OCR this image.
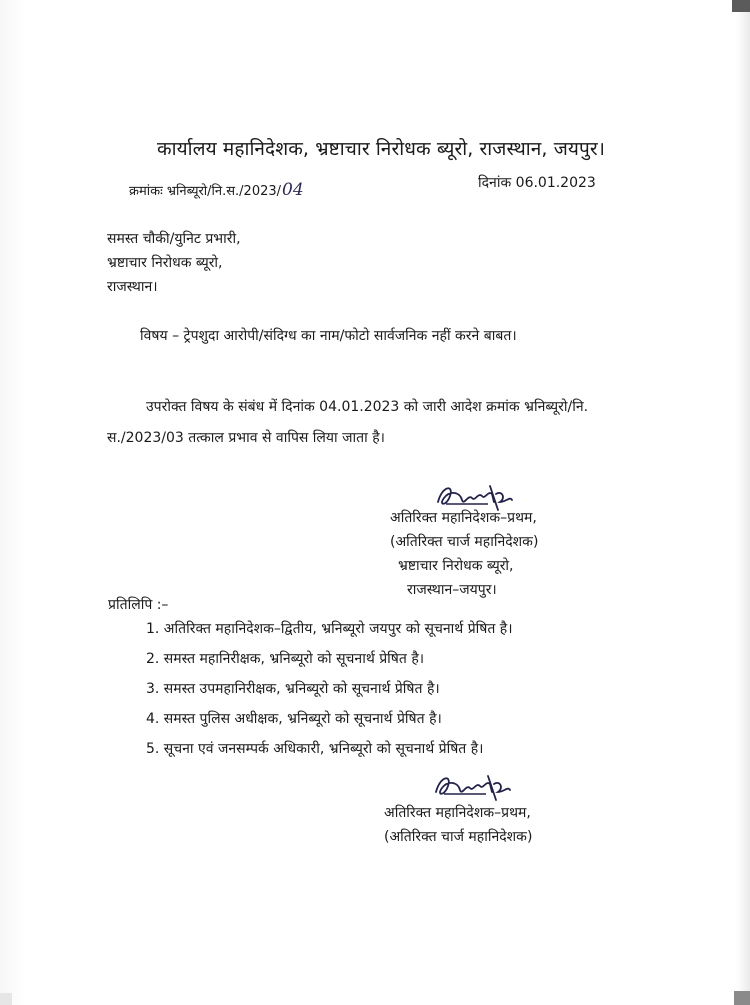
कार्यालय महानिदेशक, भ्रष्टाचार निरोधक ब्यूरो, राजस्थान, जयपुर।
क्रमांकः भ्रनिब्यूरो/नि.स./2023/04	दिनांक 06.01.2023
समस्त चौकी/युनिट प्रभारी,
भ्रष्टाचार निरोधक ब्यूरो,
राजस्थान।
विषय – ट्रेपशुदा आरोपी/संदिग्ध का नाम/फोटो सार्वजनिक नहीं करने बाबत।
उपरोक्त विषय के संबंध में दिनांक 04.01.2023 को जारी आदेश क्रमांक भ्रनिब्यूरो/नि.
स./2023/03 तत्काल प्रभाव से वापिस लिया जाता है।
अतिरिक्त महानिदेशक–प्रथम,
(अतिरिक्त चार्ज महानिदेशक)
भ्रष्टाचार निरोधक ब्यूरो,
राजस्थान–जयपुर।
प्रतिलिपि :–
1. अतिरिक्त महानिदेशक–द्वितीय, भ्रनिब्यूरो जयपुर को सूचनार्थ प्रेषित है।
2. समस्त महानिरीक्षक, भ्रनिब्यूरो को सूचनार्थ प्रेषित है।
3. समस्त उपमहानिरीक्षक, भ्रनिब्यूरो को सूचनार्थ प्रेषित है।
4. समस्त पुलिस अधीक्षक, भ्रनिब्यूरो को सूचनार्थ प्रेषित है।
5. सूचना एवं जनसम्पर्क अधिकारी, भ्रनिब्यूरो को सूचनार्थ प्रेषित है।
अतिरिक्त महानिदेशक–प्रथम,
(अतिरिक्त चार्ज महानिदेशक)
